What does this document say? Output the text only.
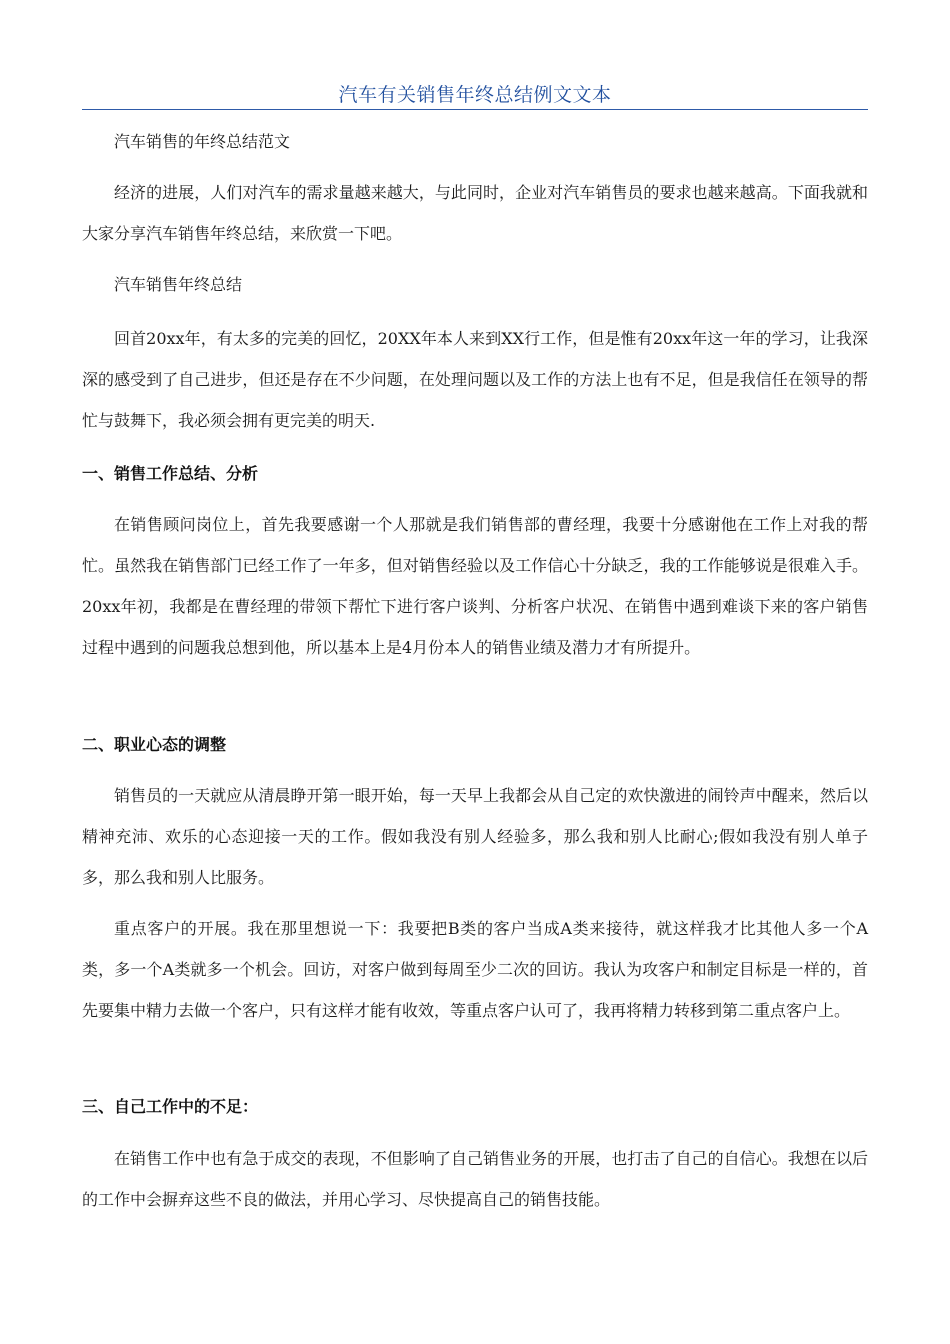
汽车有关销售年终总结例文文本

汽车销售的年终总结范文

经济的进展，人们对汽车的需求量越来越大，与此同时，企业对汽车销售员的要求也越来越高。下面我就和大家分享汽车销售年终总结，来欣赏一下吧。

汽车销售年终总结

回首20xx年，有太多的完美的回忆，20XX年本人来到XX行工作，但是惟有20xx年这一年的学习，让我深深的感受到了自己进步，但还是存在不少问题，在处理问题以及工作的方法上也有不足，但是我信任在领导的帮忙与鼓舞下，我必须会拥有更完美的明天.

一、销售工作总结、分析

在销售顾问岗位上，首先我要感谢一个人那就是我们销售部的曹经理，我要十分感谢他在工作上对我的帮忙。虽然我在销售部门已经工作了一年多，但对销售经验以及工作信心十分缺乏，我的工作能够说是很难入手。20xx年初，我都是在曹经理的带领下帮忙下进行客户谈判、分析客户状况、在销售中遇到难谈下来的客户销售过程中遇到的问题我总想到他，所以基本上是4月份本人的销售业绩及潜力才有所提升。

二、职业心态的调整

销售员的一天就应从清晨睁开第一眼开始，每一天早上我都会从自己定的欢快激进的闹铃声中醒来，然后以精神充沛、欢乐的心态迎接一天的工作。假如我没有别人经验多，那么我和别人比耐心;假如我没有别人单子多，那么我和别人比服务。

重点客户的开展。我在那里想说一下：我要把B类的客户当成A类来接待，就这样我才比其他人多一个A类，多一个A类就多一个机会。回访，对客户做到每周至少二次的回访。我认为攻客户和制定目标是一样的，首先要集中精力去做一个客户，只有这样才能有收效，等重点客户认可了，我再将精力转移到第二重点客户上。

三、自己工作中的不足：

在销售工作中也有急于成交的表现，不但影响了自己销售业务的开展，也打击了自己的自信心。我想在以后的工作中会摒弃这些不良的做法，并用心学习、尽快提高自己的销售技能。
